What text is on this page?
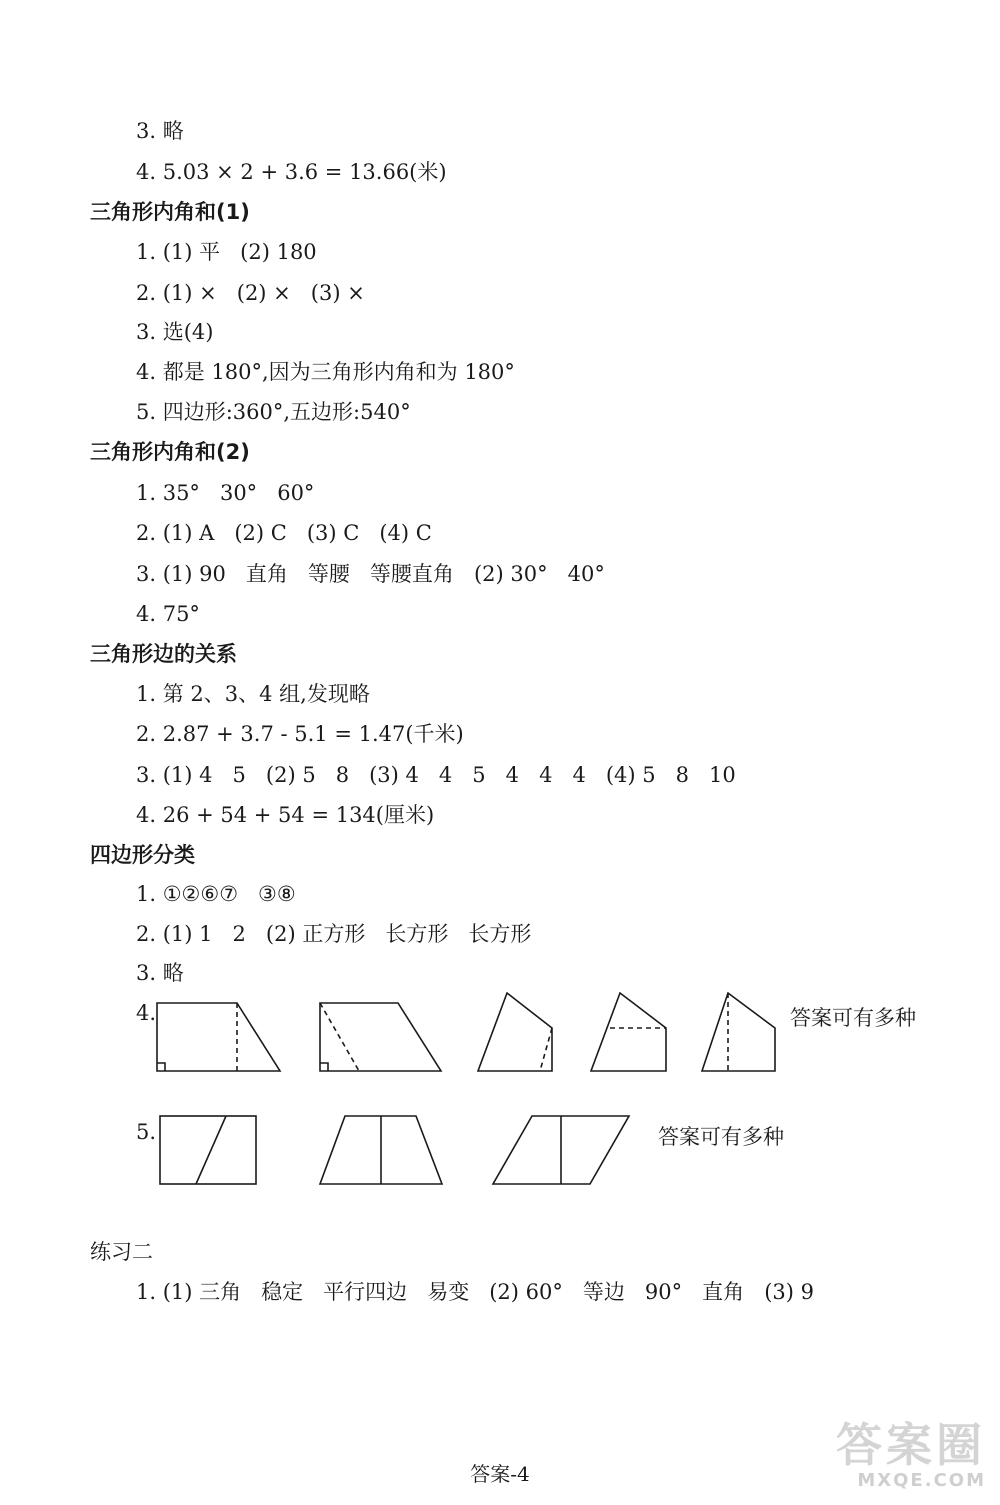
3. 略
4. 5.03 × 2 + 3.6 = 13.66(米)
三角形内角和(1)
1. (1) 平   (2) 180
2. (1) ×   (2) ×   (3) ×
3. 选(4)
4. 都是 180°,因为三角形内角和为 180°
5. 四边形:360°,五边形:540°
三角形内角和(2)
1. 35°   30°   60°
2. (1) A   (2) C   (3) C   (4) C
3. (1) 90   直角   等腰   等腰直角   (2) 30°   40°
4. 75°
三角形边的关系
1. 第 2、3、4 组,发现略
2. 2.87 + 3.7 - 5.1 = 1.47(千米)
3. (1) 4   5   (2) 5   8   (3) 4   4   5   4   4   4   (4) 5   8   10
4. 26 + 54 + 54 = 134(厘米)
四边形分类
1. ①②⑥⑦   ③⑧
2. (1) 1   2   (2) 正方形   长方形   长方形
3. 略
4.	答案可有多种
5.	答案可有多种
练习二
1. (1) 三角   稳定   平行四边   易变   (2) 60°   等边   90°   直角   (3) 9
答案-4
答案圈
MXQE.COM
